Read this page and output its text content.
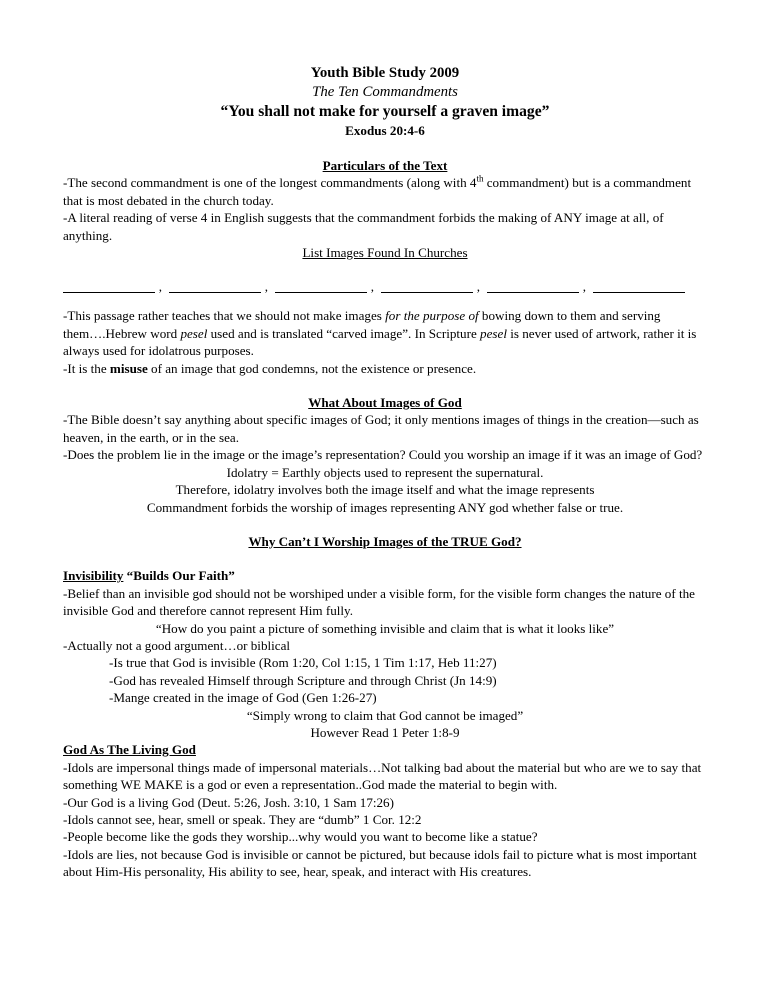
Youth Bible Study 2009
The Ten Commandments
“You shall not make for yourself a graven image”
Exodus 20:4-6
Particulars of the Text

-The second commandment is one of the longest commandments (along with 4th commandment) but is a commandment that is most debated in the church today.

-A literal reading of verse 4 in English suggests that the commandment forbids the making of ANY image at all, of anything.

List Images Found In Churches
,	,	,	,	,

-This passage rather teaches that we should not make images for the purpose of bowing down to them and serving them….Hebrew word pesel used and is translated “carved image”. In Scripture pesel is never used of artwork, rather it is always used for idolatrous purposes.

-It is the misuse of an image that god condemns, not the existence or presence.

What About Images of God

-The Bible doesn’t say anything about specific images of God; it only mentions images of things in the creation—such as heaven, in the earth, or in the sea.

-Does the problem lie in the image or the image’s representation? Could you worship an image if it was an image of God?

Idolatry = Earthly objects used to represent the supernatural.
Therefore, idolatry involves both the image itself and what the image represents
Commandment forbids the worship of images representing ANY god whether false or true.
Why Can’t I Worship Images of the TRUE God?

Invisibility “Builds Our Faith”

-Belief than an invisible god should not be worshiped under a visible form, for the visible form changes the nature of the invisible God and therefore cannot represent Him fully.

“How do you paint a picture of something invisible and claim that is what it looks like”

-Actually not a good argument…or biblical

-Is true that God is invisible (Rom 1:20, Col 1:15, 1 Tim 1:17, Heb 11:27)

-God has revealed Himself through Scripture and through Christ (Jn 14:9)

-Mange created in the image of God (Gen 1:26-27)

“Simply wrong to claim that God cannot be imaged”
However Read 1 Peter 1:8-9

God As The Living God

-Idols are impersonal things made of impersonal materials…Not talking bad about the material but who are we to say that something WE MAKE is a god or even a representation..God made the material to begin with.

-Our God is a living God (Deut. 5:26, Josh. 3:10, 1 Sam 17:26)

-Idols cannot see, hear, smell or speak. They are “dumb” 1 Cor. 12:2

-People become like the gods they worship...why would you want to become like a statue?

-Idols are lies, not because God is invisible or cannot be pictured, but because idols fail to picture what is most important about Him-His personality, His ability to see, hear, speak, and interact with His creatures.
